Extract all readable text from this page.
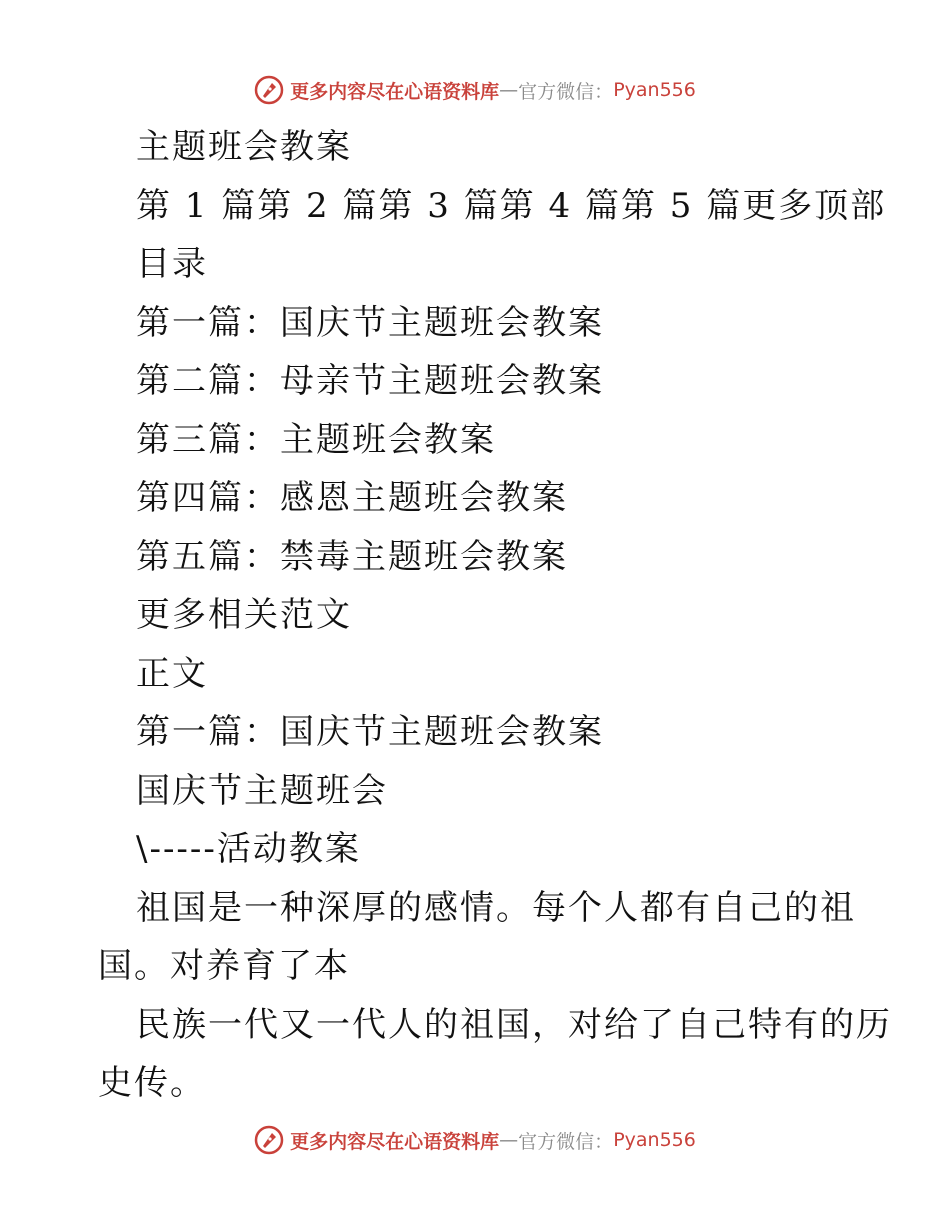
更多内容尽在心语资料库 — 官方微信： Pyan556
主题班会教案
第 1 篇第 2 篇第 3 篇第 4 篇第 5 篇更多顶部
目录
第一篇：国庆节主题班会教案
第二篇：母亲节主题班会教案
第三篇：主题班会教案
第四篇：感恩主题班会教案
第五篇：禁毒主题班会教案
更多相关范文
正文
第一篇：国庆节主题班会教案
国庆节主题班会
\-----活动教案
祖国是一种深厚的感情。每个人都有自己的祖
国。对养育了本
民族一代又一代人的祖国，对给了自己特有的历
史传。
更多内容尽在心语资料库 — 官方微信： Pyan556
